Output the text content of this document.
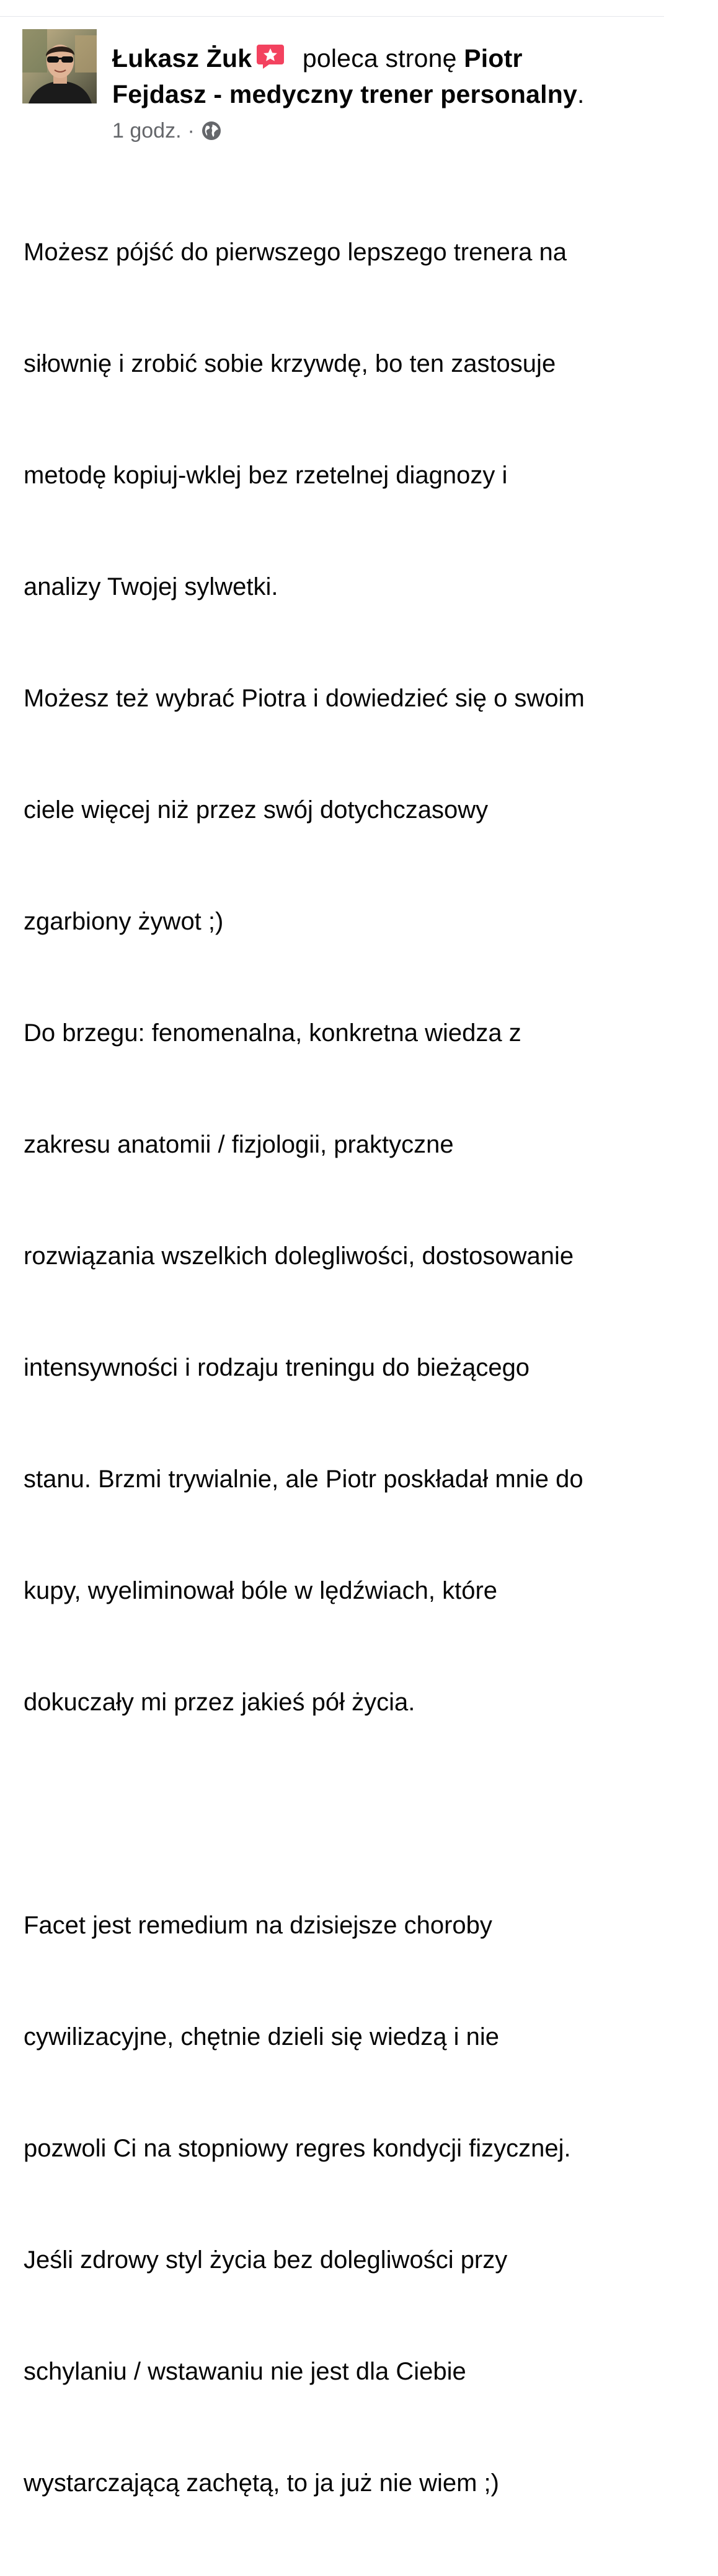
Łukasz Żuk
poleca stronę Piotr
Fejdasz - medyczny trener personalny.
1 godz. ·

Możesz pójść do pierwszego lepszego trenera na

siłownię i zrobić sobie krzywdę, bo ten zastosuje

metodę kopiuj-wklej bez rzetelnej diagnozy i

analizy Twojej sylwetki.

Możesz też wybrać Piotra i dowiedzieć się o swoim

ciele więcej niż przez swój dotychczasowy

zgarbiony żywot ;)

Do brzegu: fenomenalna, konkretna wiedza z

zakresu anatomii / fizjologii, praktyczne

rozwiązania wszelkich dolegliwości, dostosowanie

intensywności i rodzaju treningu do bieżącego

stanu. Brzmi trywialnie, ale Piotr poskładał mnie do

kupy, wyeliminował bóle w lędźwiach, które

dokuczały mi przez jakieś pół życia.

Facet jest remedium na dzisiejsze choroby

cywilizacyjne, chętnie dzieli się wiedzą i nie

pozwoli Ci na stopniowy regres kondycji fizycznej.

Jeśli zdrowy styl życia bez dolegliwości przy

schylaniu / wstawaniu nie jest dla Ciebie

wystarczającą zachętą, to ja już nie wiem ;)
